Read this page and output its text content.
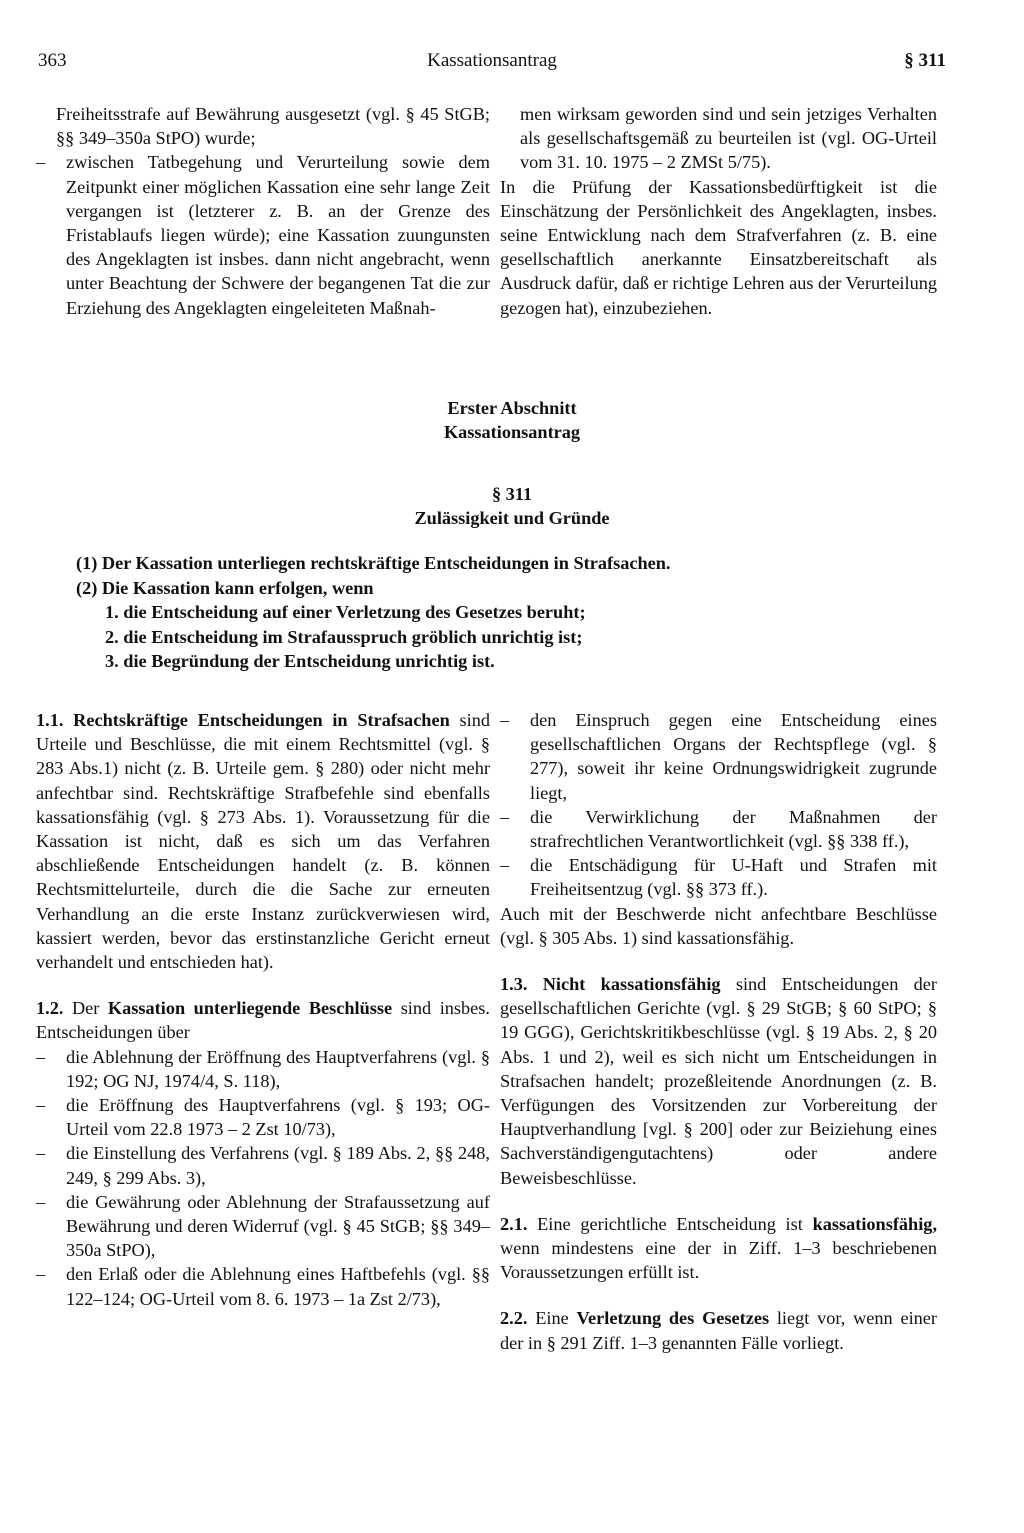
363	Kassationsantrag	§ 311

Freiheitsstrafe auf Bewährung ausgesetzt (vgl. § 45 StGB; §§ 349–350a StPO) wurde;

– zwischen Tatbegehung und Verurteilung sowie dem Zeitpunkt einer möglichen Kassation eine sehr lange Zeit vergangen ist (letzterer z. B. an der Grenze des Fristablaufs liegen würde); eine Kassation zuungunsten des Angeklagten ist insbes. dann nicht angebracht, wenn unter Beachtung der Schwere der begangenen Tat die zur Erziehung des Angeklagten eingeleiteten Maßnah-

men wirksam geworden sind und sein jetziges Verhalten als gesellschaftsgemäß zu beurteilen ist (vgl. OG-Urteil vom 31. 10. 1975 – 2 ZMSt 5/75).

In die Prüfung der Kassationsbedürftigkeit ist die Einschätzung der Persönlichkeit des Angeklagten, insbes. seine Entwicklung nach dem Strafverfahren (z. B. eine gesellschaftlich anerkannte Einsatzbereitschaft als Ausdruck dafür, daß er richtige Lehren aus der Verurteilung gezogen hat), einzubeziehen.

Erster Abschnitt
Kassationsantrag
§ 311
Zulässigkeit und Gründe

(1) Der Kassation unterliegen rechtskräftige Entscheidungen in Strafsachen.

(2) Die Kassation kann erfolgen, wenn

1. die Entscheidung auf einer Verletzung des Gesetzes beruht;

2. die Entscheidung im Strafausspruch gröblich unrichtig ist;

3. die Begründung der Entscheidung unrichtig ist.

1.1. Rechtskräftige Entscheidungen in Strafsachen sind Urteile und Beschlüsse, die mit einem Rechtsmittel (vgl. § 283 Abs.1) nicht (z. B. Urteile gem. § 280) oder nicht mehr anfechtbar sind. Rechtskräftige Strafbefehle sind ebenfalls kassationsfähig (vgl. § 273 Abs. 1). Voraussetzung für die Kassation ist nicht, daß es sich um das Verfahren abschließende Entscheidungen handelt (z. B. können Rechtsmittelurteile, durch die die Sache zur erneuten Verhandlung an die erste Instanz zurückverwiesen wird, kassiert werden, bevor das erstinstanzliche Gericht erneut verhandelt und entschieden hat).

1.2. Der Kassation unterliegende Beschlüsse sind insbes. Entscheidungen über

– die Ablehnung der Eröffnung des Hauptverfahrens (vgl. § 192; OG NJ, 1974/4, S. 118),

– die Eröffnung des Hauptverfahrens (vgl. § 193; OG-Urteil vom 22.8 1973 – 2 Zst 10/73),

– die Einstellung des Verfahrens (vgl. § 189 Abs. 2, §§ 248, 249, § 299 Abs. 3),

– die Gewährung oder Ablehnung der Strafaussetzung auf Bewährung und deren Widerruf (vgl. § 45 StGB; §§ 349–350a StPO),

– den Erlaß oder die Ablehnung eines Haftbefehls (vgl. §§ 122–124; OG-Urteil vom 8. 6. 1973 – 1a Zst 2/73),

– den Einspruch gegen eine Entscheidung eines gesellschaftlichen Organs der Rechtspflege (vgl. § 277), soweit ihr keine Ordnungswidrigkeit zugrunde liegt,

– die Verwirklichung der Maßnahmen der strafrechtlichen Verantwortlichkeit (vgl. §§ 338 ff.),

– die Entschädigung für U-Haft und Strafen mit Freiheitsentzug (vgl. §§ 373 ff.).

Auch mit der Beschwerde nicht anfechtbare Beschlüsse (vgl. § 305 Abs. 1) sind kassationsfähig.

1.3. Nicht kassationsfähig sind Entscheidungen der gesellschaftlichen Gerichte (vgl. § 29 StGB; § 60 StPO; § 19 GGG), Gerichtskritikbeschlüsse (vgl. § 19 Abs. 2, § 20 Abs. 1 und 2), weil es sich nicht um Entscheidungen in Strafsachen handelt; prozeßleitende Anordnungen (z. B. Verfügungen des Vorsitzenden zur Vorbereitung der Hauptverhandlung [vgl. § 200] oder zur Beiziehung eines Sachverständigengutachtens) oder andere Beweisbeschlüsse.

2.1. Eine gerichtliche Entscheidung ist kassationsfähig, wenn mindestens eine der in Ziff. 1–3 beschriebenen Voraussetzungen erfüllt ist.

2.2. Eine Verletzung des Gesetzes liegt vor, wenn einer der in § 291 Ziff. 1–3 genannten Fälle vorliegt.
